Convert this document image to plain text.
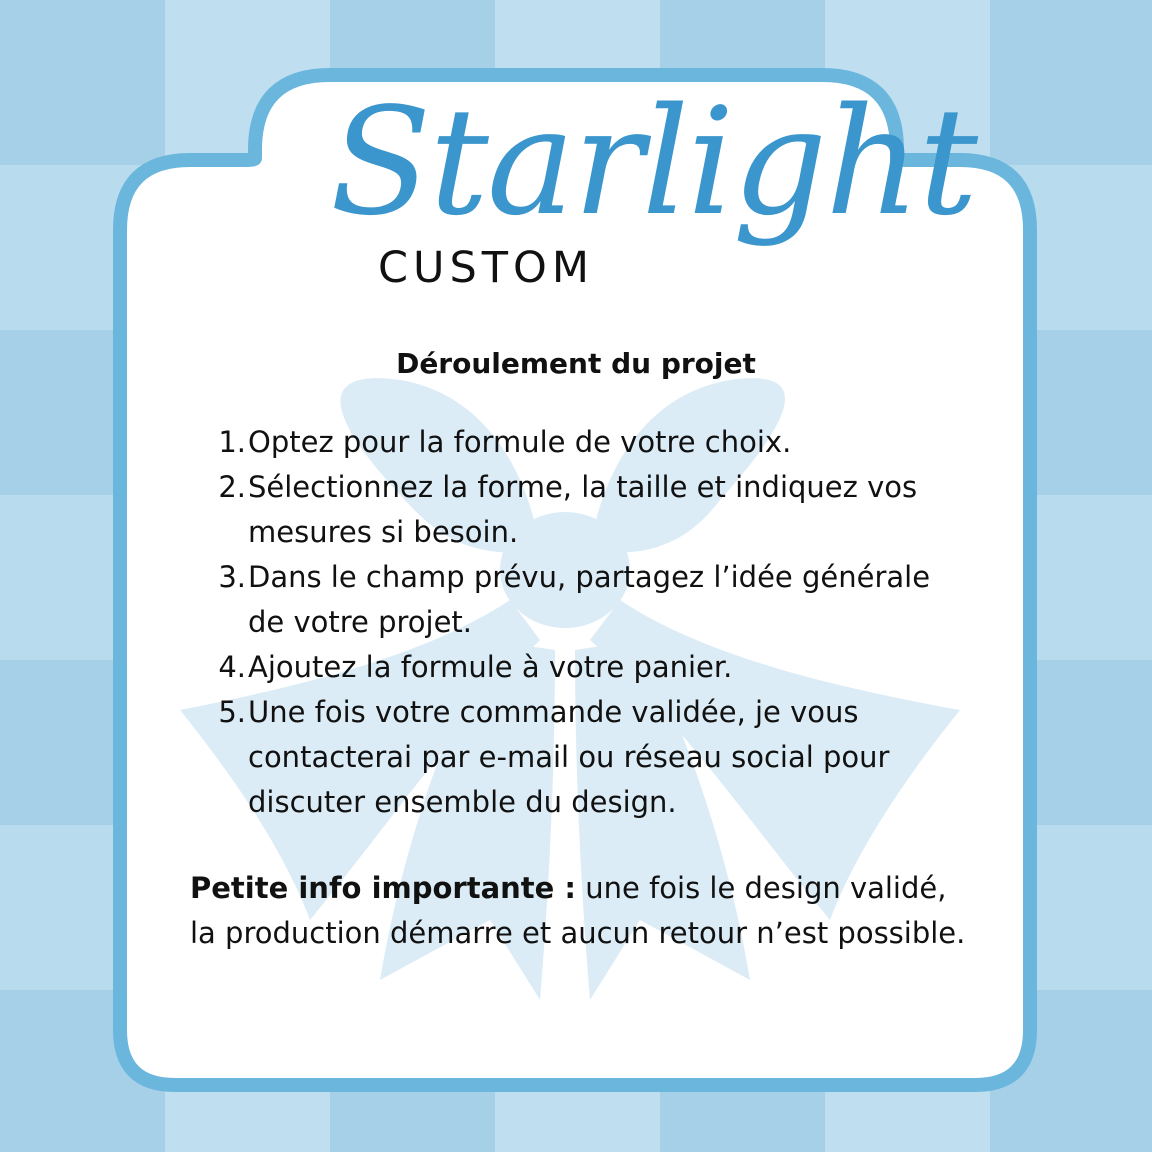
Starlight
CUSTOM
Déroulement du projet
1. Optez pour la formule de votre choix.
2. Sélectionnez la forme, la taille et indiquez vos mesures si besoin.
3. Dans le champ prévu, partagez l’idée générale de votre projet.
4. Ajoutez la formule à votre panier.
5. Une fois votre commande validée, je vous contacterai par e-mail ou réseau social pour discuter ensemble du design.

Petite info importante : une fois le design validé, la production démarre et aucun retour n’est possible.
